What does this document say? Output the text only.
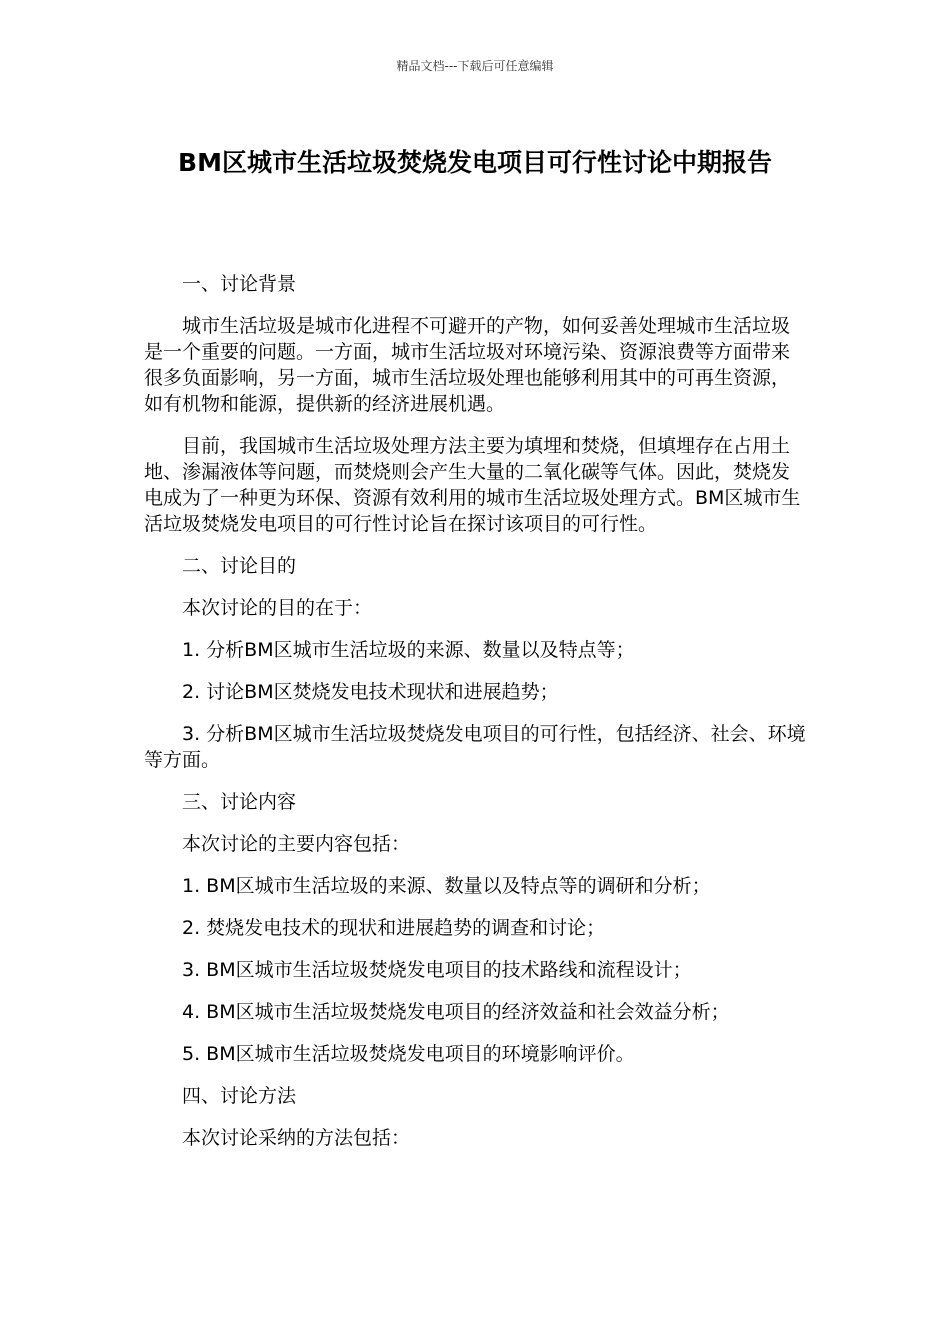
精品文档---下载后可任意编辑
BM区城市生活垃圾焚烧发电项目可行性讨论中期报告

一、讨论背景

城市生活垃圾是城市化进程不可避开的产物，如何妥善处理城市生活垃圾是一个重要的问题。一方面，城市生活垃圾对环境污染、资源浪费等方面带来很多负面影响，另一方面，城市生活垃圾处理也能够利用其中的可再生资源，如有机物和能源，提供新的经济进展机遇。

目前，我国城市生活垃圾处理方法主要为填埋和焚烧，但填埋存在占用土地、渗漏液体等问题，而焚烧则会产生大量的二氧化碳等气体。因此，焚烧发电成为了一种更为环保、资源有效利用的城市生活垃圾处理方式。BM区城市生活垃圾焚烧发电项目的可行性讨论旨在探讨该项目的可行性。

二、讨论目的

本次讨论的目的在于：

1. 分析BM区城市生活垃圾的来源、数量以及特点等；

2. 讨论BM区焚烧发电技术现状和进展趋势；

3. 分析BM区城市生活垃圾焚烧发电项目的可行性，包括经济、社会、环境等方面。

三、讨论内容

本次讨论的主要内容包括：

1. BM区城市生活垃圾的来源、数量以及特点等的调研和分析；

2. 焚烧发电技术的现状和进展趋势的调查和讨论；

3. BM区城市生活垃圾焚烧发电项目的技术路线和流程设计；

4. BM区城市生活垃圾焚烧发电项目的经济效益和社会效益分析；

5. BM区城市生活垃圾焚烧发电项目的环境影响评价。

四、讨论方法

本次讨论采纳的方法包括：
